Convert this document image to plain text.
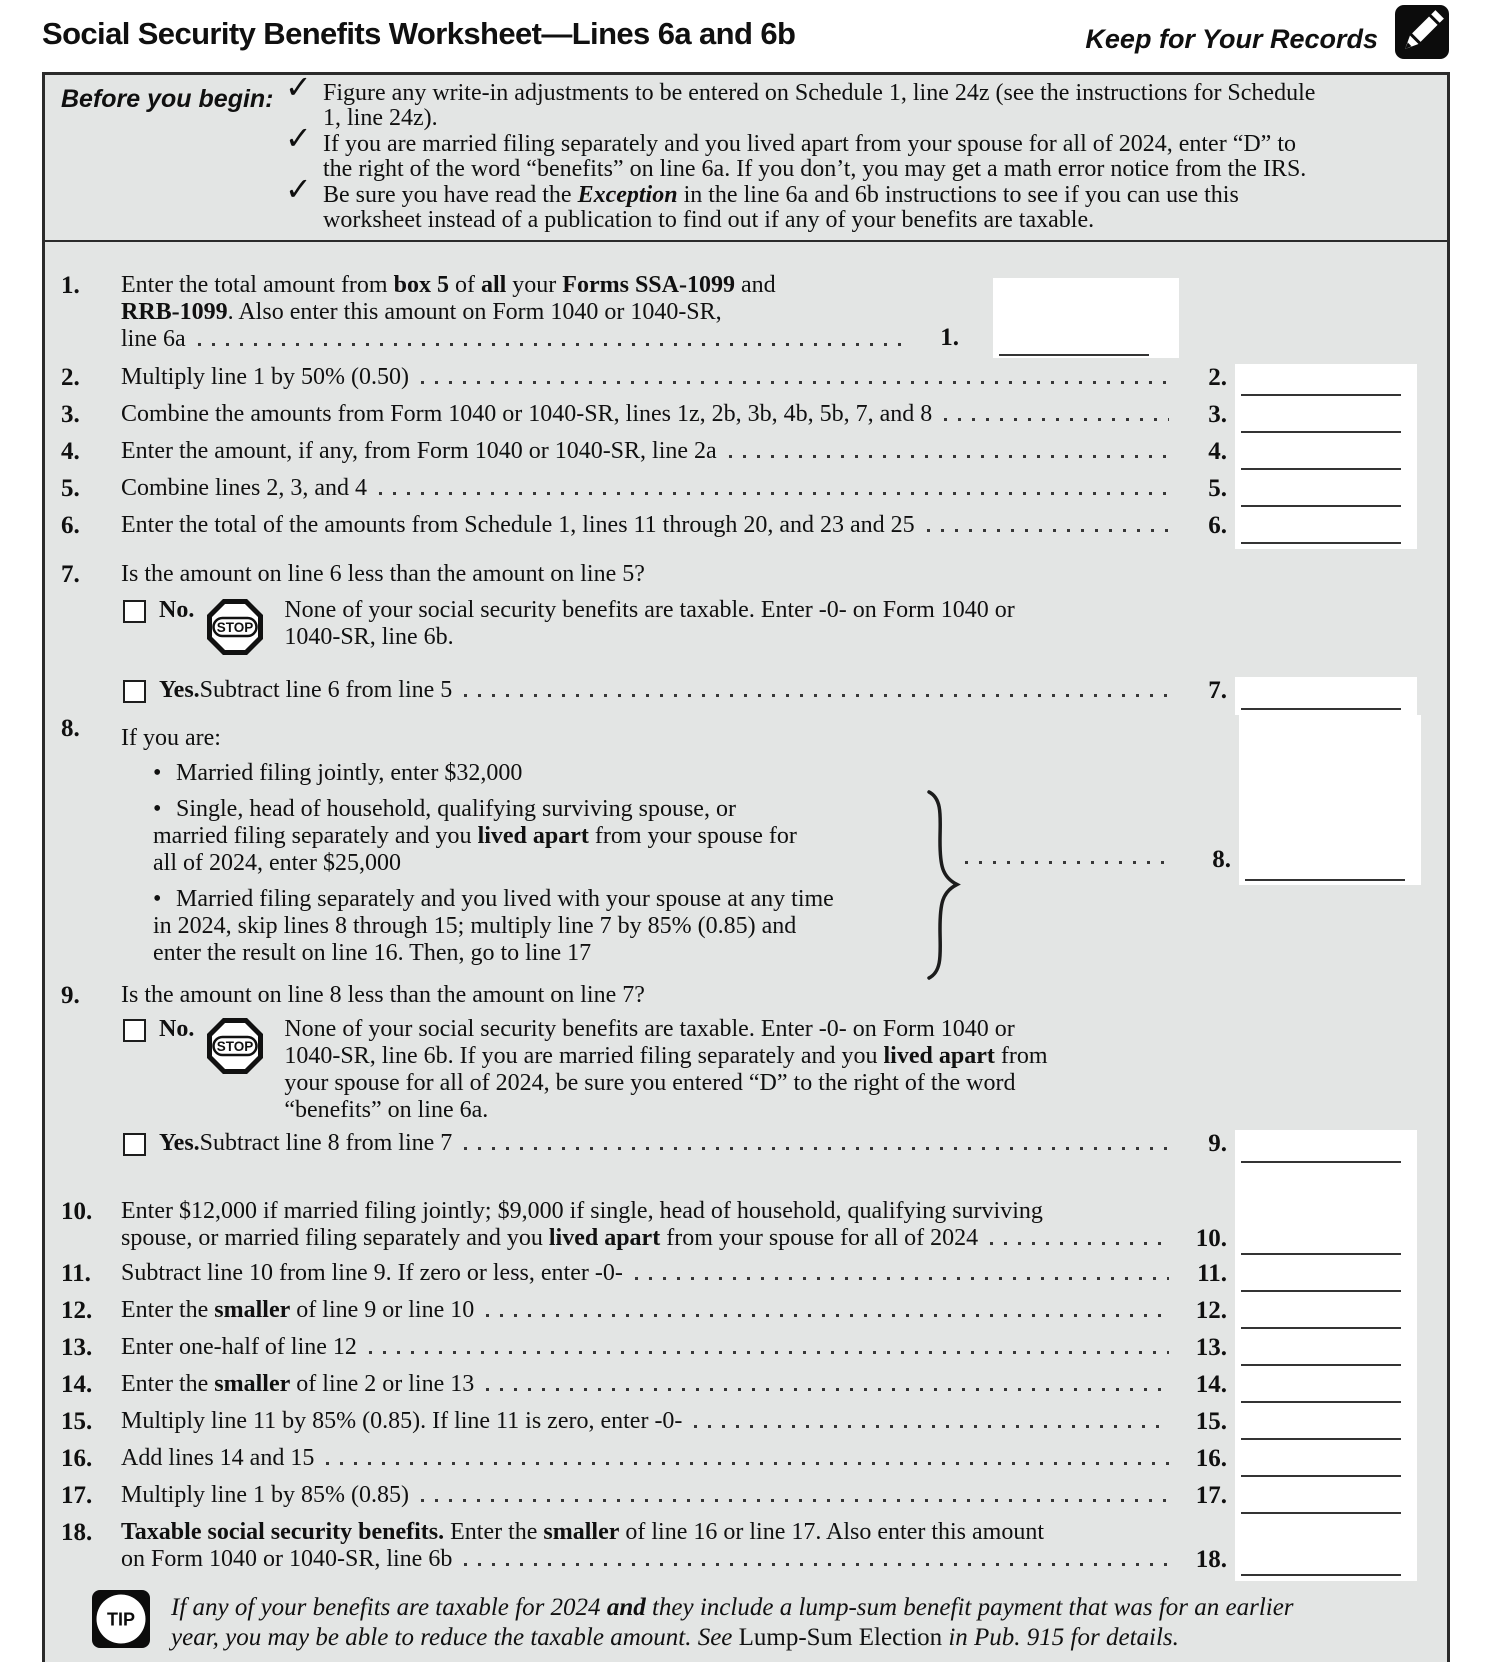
Social Security Benefits Worksheet—Lines 6a and 6b	Keep for Your Records
Before you begin: ✓ Figure any write-in adjustments to be entered on Schedule 1, line 24z (see the instructions for Schedule
1, line 24z).
✓ If you are married filing separately and you lived apart from your spouse for all of 2024, enter “D” to
the right of the word “benefits” on line 6a. If you don’t, you may get a math error notice from the IRS.
✓ Be sure you have read the Exception in the line 6a and 6b instructions to see if you can use this
worksheet instead of a publication to find out if any of your benefits are taxable.
1.	Enter the total amount from box 5 of all your Forms SSA-1099 and
RRB-1099. Also enter this amount on Form 1040 or 1040-SR,
line 6a	1.
2.	Multiply line 1 by 50% (0.50)	2.
3.	Combine the amounts from Form 1040 or 1040-SR, lines 1z, 2b, 3b, 4b, 5b, 7, and 8	3.
4.	Enter the amount, if any, from Form 1040 or 1040-SR, line 2a	4.
5.	Combine lines 2, 3, and 4	5.
6.	Enter the total of the amounts from Schedule 1, lines 11 through 20, and 23 and 25	6.
7.	Is the amount on line 6 less than the amount on line 5?
No.
STOP
None of your social security benefits are taxable. Enter -0- on Form 1040 or
1040-SR, line 6b.
Yes. Subtract line 6 from line 5	7.
8.	If you are:
• Married filing jointly, enter $32,000
• Single, head of household, qualifying surviving spouse, or
married filing separately and you lived apart from your spouse for
all of 2024, enter $25,000
• Married filing separately and you lived with your spouse at any time
in 2024, skip lines 8 through 15; multiply line 7 by 85% (0.85) and
enter the result on line 16. Then, go to line 17
8.
9.	Is the amount on line 8 less than the amount on line 7?
No.
STOP
None of your social security benefits are taxable. Enter -0- on Form 1040 or
1040-SR, line 6b. If you are married filing separately and you lived apart from
your spouse for all of 2024, be sure you entered “D” to the right of the word
“benefits” on line 6a.
Yes. Subtract line 8 from line 7	9.
10.	Enter $12,000 if married filing jointly; $9,000 if single, head of household, qualifying surviving
spouse, or married filing separately and you lived apart from your spouse for all of 2024	10.
11.	Subtract line 10 from line 9. If zero or less, enter -0-	11.
12.	Enter the smaller of line 9 or line 10	12.
13.	Enter one-half of line 12	13.
14.	Enter the smaller of line 2 or line 13	14.
15.	Multiply line 11 by 85% (0.85). If line 11 is zero, enter -0-	15.
16.	Add lines 14 and 15	16.
17.	Multiply line 1 by 85% (0.85)	17.
18.	Taxable social security benefits. Enter the smaller of line 16 or line 17. Also enter this amount
on Form 1040 or 1040-SR, line 6b	18.
TIP If any of your benefits are taxable for 2024 and they include a lump-sum benefit payment that was for an earlier
year, you may be able to reduce the taxable amount. See Lump-Sum Election in Pub. 915 for details.
